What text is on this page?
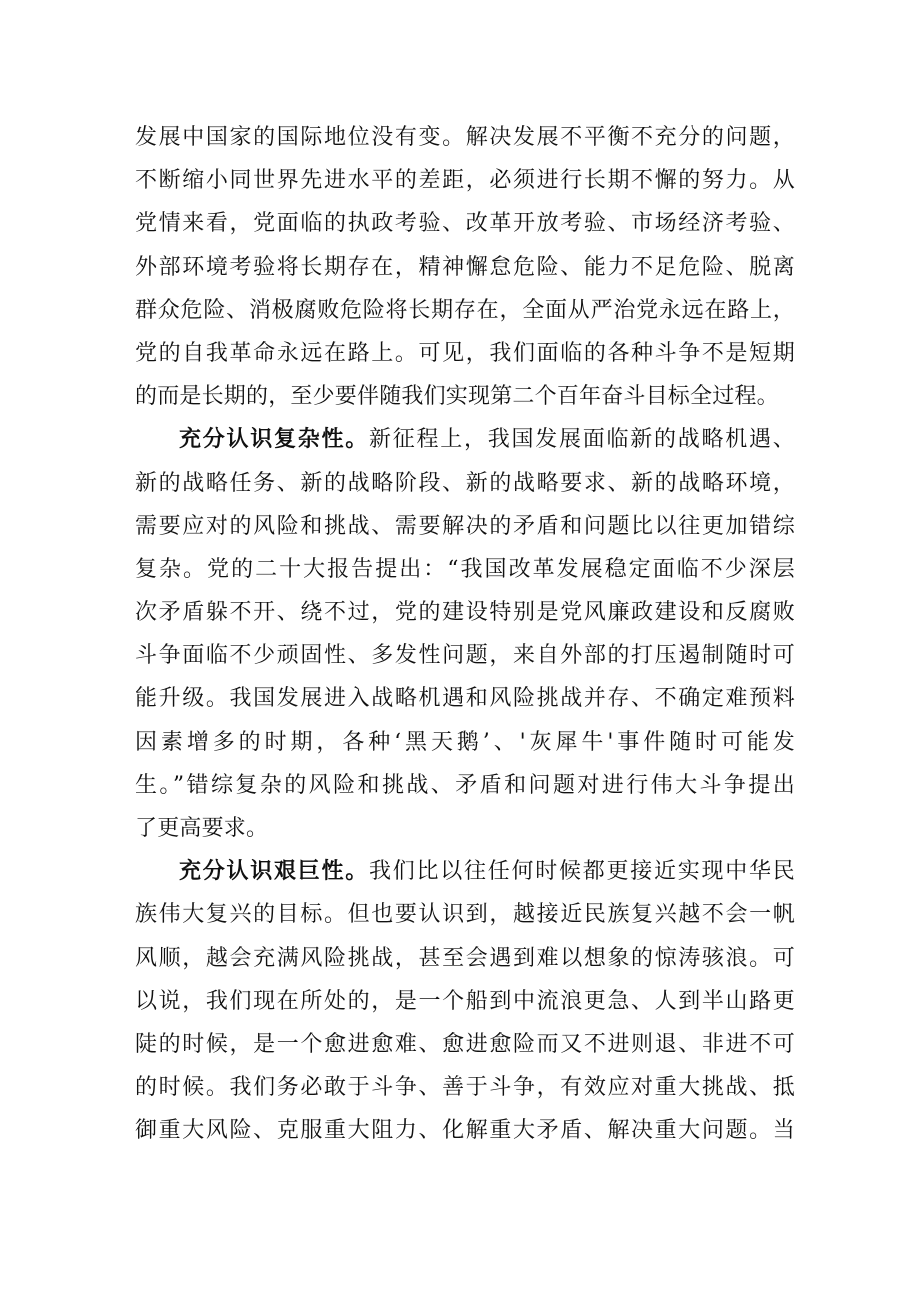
发展中国家的国际地位没有变。解决发展不平衡不充分的问题，
不断缩小同世界先进水平的差距，必须进行长期不懈的努力。从
党情来看，党面临的执政考验、改革开放考验、市场经济考验、
外部环境考验将长期存在，精神懈怠危险、能力不足危险、脱离
群众危险、消极腐败危险将长期存在，全面从严治党永远在路上，
党的自我革命永远在路上。可见，我们面临的各种斗争不是短期
的而是长期的，至少要伴随我们实现第二个百年奋斗目标全过程。
充分认识复杂性。新征程上，我国发展面临新的战略机遇、
新的战略任务、新的战略阶段、新的战略要求、新的战略环境，
需要应对的风险和挑战、需要解决的矛盾和问题比以往更加错综
复杂。党的二十大报告提出：“我国改革发展稳定面临不少深层
次矛盾躲不开、绕不过，党的建设特别是党风廉政建设和反腐败
斗争面临不少顽固性、多发性问题，来自外部的打压遏制随时可
能升级。我国发展进入战略机遇和风险挑战并存、不确定难预料
因素增多的时期，各种‘黑天鹅’、'灰犀牛'事件随时可能发
生。”错综复杂的风险和挑战、矛盾和问题对进行伟大斗争提出
了更高要求。
充分认识艰巨性。我们比以往任何时候都更接近实现中华民
族伟大复兴的目标。但也要认识到，越接近民族复兴越不会一帆
风顺，越会充满风险挑战，甚至会遇到难以想象的惊涛骇浪。可
以说，我们现在所处的，是一个船到中流浪更急、人到半山路更
陡的时候，是一个愈进愈难、愈进愈险而又不进则退、非进不可
的时候。我们务必敢于斗争、善于斗争，有效应对重大挑战、抵
御重大风险、克服重大阻力、化解重大矛盾、解决重大问题。当
